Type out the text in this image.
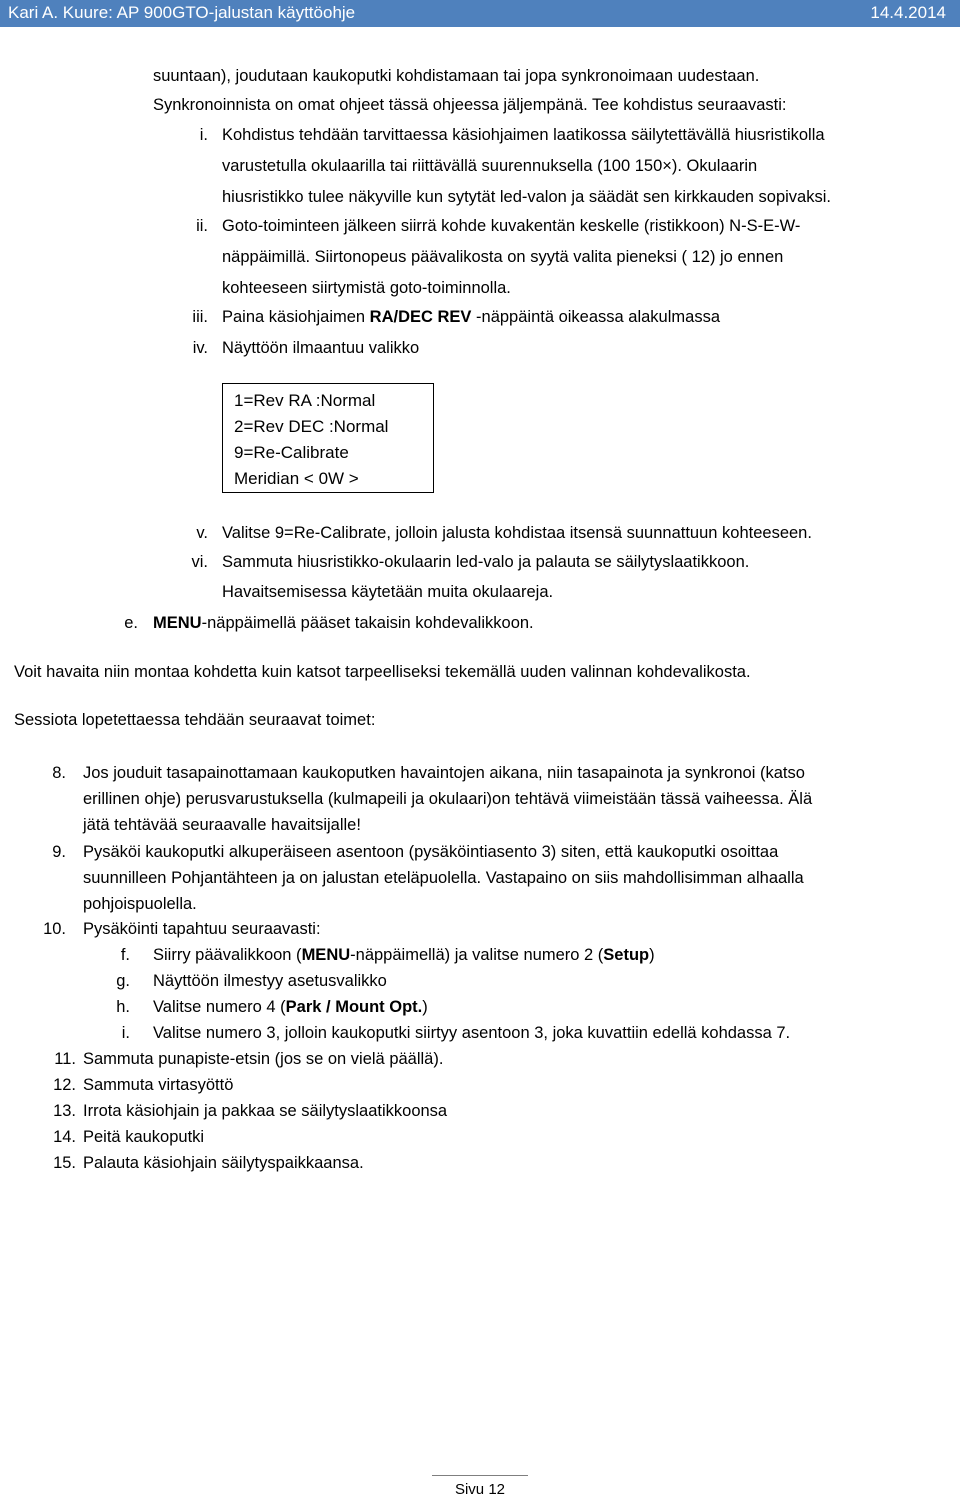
Kari A. Kuure: AP 900GTO-jalustan käyttöohje	14.4.2014
suuntaan), joudutaan kaukoputki kohdistamaan tai jopa synkronoimaan uudestaan.
Synkronoinnista on omat ohjeet tässä ohjeessa jäljempänä. Tee kohdistus seuraavasti:
i. Kohdistus tehdään tarvittaessa käsiohjaimen laatikossa säilytettävällä hiusristikolla
varustetulla okulaarilla tai riittävällä suurennuksella (100 150×). Okulaarin
hiusristikko tulee näkyville kun sytytät led-valon ja säädät sen kirkkauden sopivaksi.
ii. Goto-toiminteen jälkeen siirrä kohde kuvakentän keskelle (ristikkoon) N-S-E-W-
näppäimillä. Siirtonopeus päävalikosta on syytä valita pieneksi ( 12) jo ennen
kohteeseen siirtymistä goto-toiminnolla.
iii. Paina käsiohjaimen RA/DEC REV -näppäintä oikeassa alakulmassa
iv. Näyttöön ilmaantuu valikko
1=Rev RA :Normal
2=Rev DEC :Normal
9=Re-Calibrate
Meridian < 0W >
v. Valitse 9=Re-Calibrate, jolloin jalusta kohdistaa itsensä suunnattuun kohteeseen.
vi. Sammuta hiusristikko-okulaarin led-valo ja palauta se säilytyslaatikkoon.
Havaitsemisessa käytetään muita okulaareja.
e. MENU-näppäimellä pääset takaisin kohdevalikkoon.
Voit havaita niin montaa kohdetta kuin katsot tarpeelliseksi tekemällä uuden valinnan kohdevalikosta.
Sessiota lopetettaessa tehdään seuraavat toimet:
8. Jos jouduit tasapainottamaan kaukoputken havaintojen aikana, niin tasapainota ja synkronoi (katso
erillinen ohje) perusvarustuksella (kulmapeili ja okulaari)on tehtävä viimeistään tässä vaiheessa. Älä
jätä tehtävää seuraavalle havaitsijalle!
9. Pysäköi kaukoputki alkuperäiseen asentoon (pysäköintiasento 3) siten, että kaukoputki osoittaa
suunnilleen Pohjantähteen ja on jalustan eteläpuolella. Vastapaino on siis mahdollisimman alhaalla
pohjoispuolella.
10. Pysäköinti tapahtuu seuraavasti:
f. Siirry päävalikkoon (MENU-näppäimellä) ja valitse numero 2 (Setup)
g. Näyttöön ilmestyy asetusvalikko
h. Valitse numero 4 (Park / Mount Opt.)
i. Valitse numero 3, jolloin kaukoputki siirtyy asentoon 3, joka kuvattiin edellä kohdassa 7.
11. Sammuta punapiste-etsin (jos se on vielä päällä).
12. Sammuta virtasyöttö
13. Irrota käsiohjain ja pakkaa se säilytyslaatikkoonsa
14. Peitä kaukoputki
15. Palauta käsiohjain säilytyspaikkaansa.
Sivu 12
